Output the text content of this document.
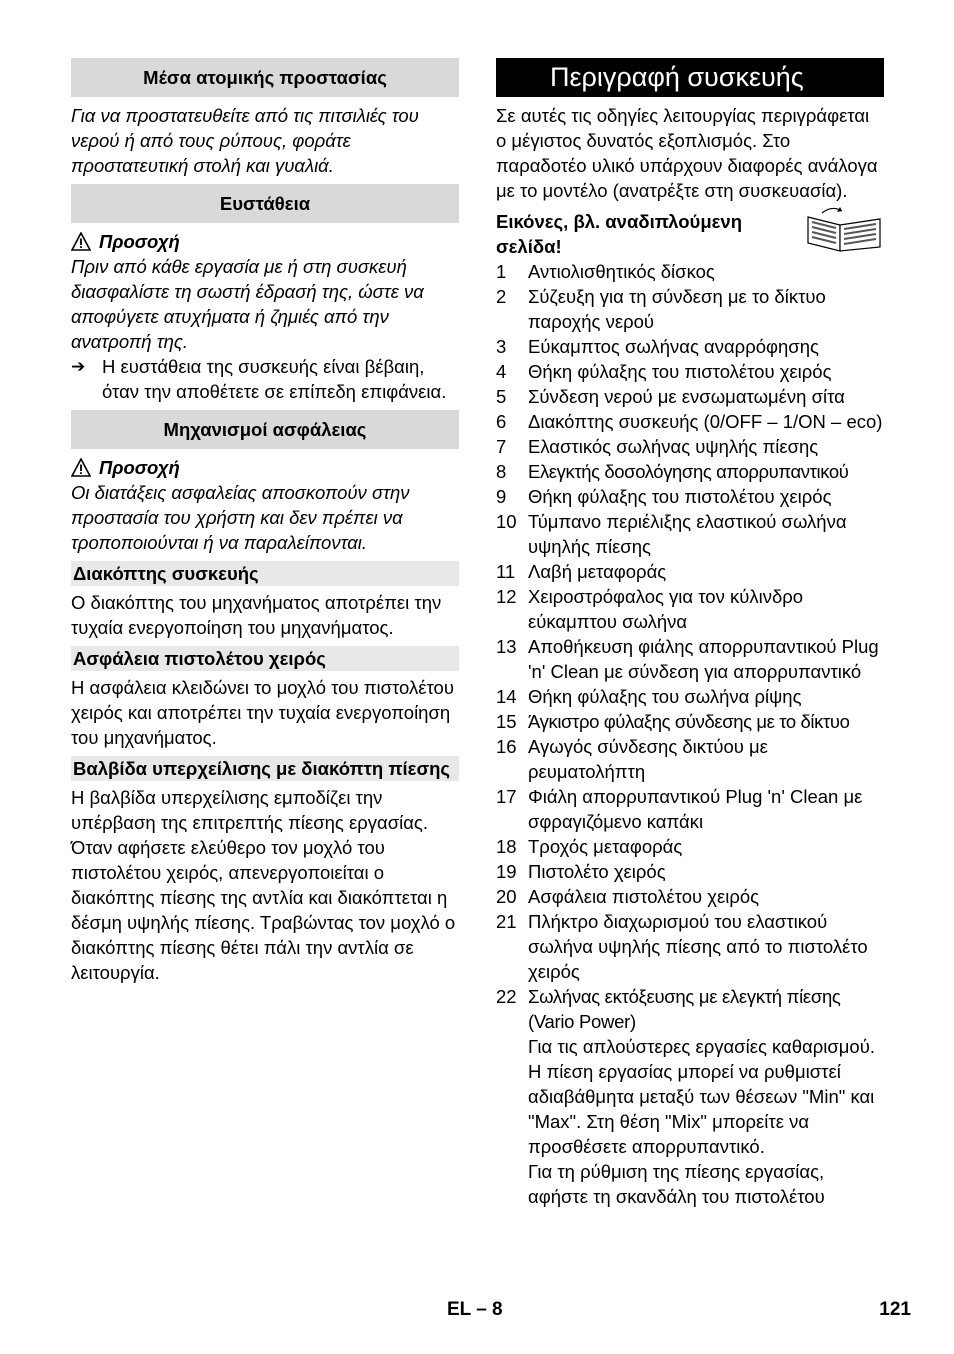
Μέσα ατομικής προστασίας

Για να προστατευθείτε από τις πιτσιλιές του νερού ή από τους ρύπους, φοράτε προστατευτική στολή και γυαλιά.

Ευστάθεια
Προσοχή

Πριν από κάθε εργασία με ή στη συσκευή διασφαλίστε τη σωστή έδρασή της, ώστε να αποφύγετε ατυχήματα ή ζημιές από την ανατροπή της.

➔ Η ευστάθεια της συσκευής είναι βέβαιη, όταν την αποθέτετε σε επίπεδη επιφάνεια.
Μηχανισμοί ασφάλειας
Προσοχή

Οι διατάξεις ασφαλείας αποσκοπούν στην προστασία του χρήστη και δεν πρέπει να τροποποιούνται ή να παραλείπονται.

Διακόπτης συσκευής

Ο διακόπτης του μηχανήματος αποτρέπει την τυχαία ενεργοποίηση του μηχανήματος.

Ασφάλεια πιστολέτου χειρός

Η ασφάλεια κλειδώνει το μοχλό του πιστολέτου χειρός και αποτρέπει την τυχαία ενεργοποίηση του μηχανήματος.

Βαλβίδα υπερχείλισης με διακόπτη πίεσης

Η βαλβίδα υπερχείλισης εμποδίζει την υπέρβαση της επιτρεπτής πίεσης εργασίας.

Όταν αφήσετε ελεύθερο τον μοχλό του πιστολέτου χειρός, απενεργοποιείται ο διακόπτης πίεσης της αντλία και διακόπτεται η δέσμη υψηλής πίεσης. Τραβώντας τον μοχλό ο διακόπτης πίεσης θέτει πάλι την αντλία σε λειτουργία.

Περιγραφή συσκευής

Σε αυτές τις οδηγίες λειτουργίας περιγράφεται ο μέγιστος δυνατός εξοπλισμός. Στο παραδοτέο υλικό υπάρχουν διαφορές ανάλογα με το μοντέλο (ανατρέξτε στη συσκευασία).

Εικόνες, βλ. αναδιπλούμενη σελίδα!
1	Αντιολισθητικός δίσκος
2	Σύζευξη για τη σύνδεση με το δίκτυο παροχής νερού
3	Εύκαμπτος σωλήνας αναρρόφησης
4	Θήκη φύλαξης του πιστολέτου χειρός
5	Σύνδεση νερού με ενσωματωμένη σίτα
6	Διακόπτης συσκευής (0/OFF – 1/ON – eco)
7	Ελαστικός σωλήνας υψηλής πίεσης
8	Ελεγκτής δοσολόγησης απορρυπαντικού
9	Θήκη φύλαξης του πιστολέτου χειρός
10 Τύμπανο περιέλιξης ελαστικού σωλήνα υψηλής πίεσης
11 Λαβή μεταφοράς
12 Χειροστρόφαλος για τον κύλινδρο εύκαμπτου σωλήνα
13 Αποθήκευση φιάλης απορρυπαντικού Plug 'n' Clean με σύνδεση για απορρυπαντικό
14 Θήκη φύλαξης του σωλήνα ρίψης
15 Άγκιστρο φύλαξης σύνδεσης με το δίκτυο
16 Αγωγός σύνδεσης δικτύου με ρευματολήπτη
17 Φιάλη απορρυπαντικού Plug 'n' Clean με σφραγιζόμενο καπάκι
18 Τροχός μεταφοράς
19 Πιστολέτο χειρός
20 Ασφάλεια πιστολέτου χειρός
21 Πλήκτρο διαχωρισμού του ελαστικού σωλήνα υψηλής πίεσης από το πιστολέτο χειρός
22 Σωλήνας εκτόξευσης με ελεγκτή πίεσης (Vario Power)
Για τις απλούστερες εργασίες καθαρισμού. Η πίεση εργασίας μπορεί να ρυθμιστεί αδιαβάθμητα μεταξύ των θέσεων "Min" και "Max". Στη θέση "Mix" μπορείτε να προσθέσετε απορρυπαντικό.
Για τη ρύθμιση της πίεσης εργασίας, αφήστε τη σκανδάλη του πιστολέτου
EL – 8	121
